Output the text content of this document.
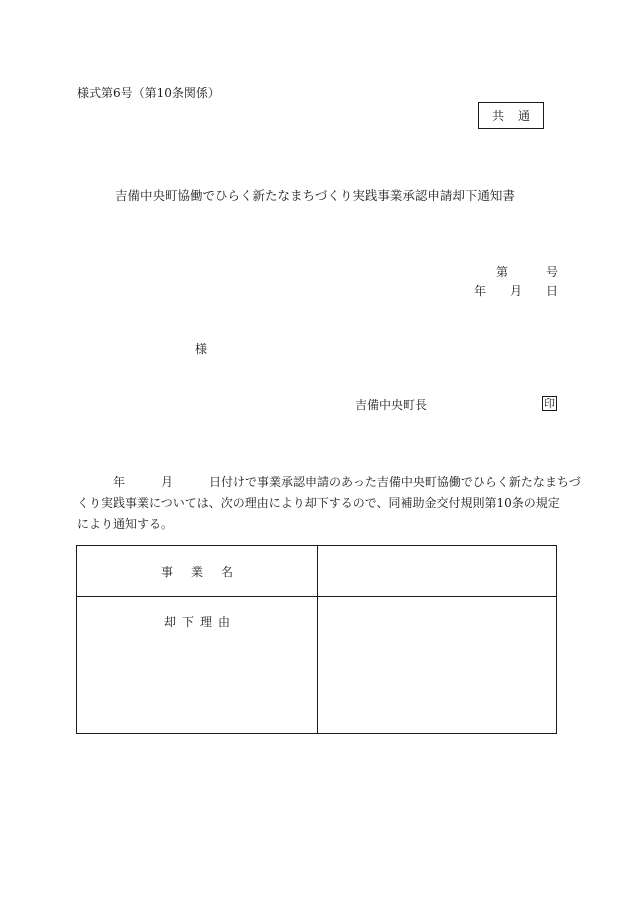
様式第6号（第10条関係）
共通
吉備中央町協働でひらく新たなまちづくり実践事業承認申請却下通知書
第	号
年 月 日
様
吉備中央町長	印
年	月	日付けで事業承認申請のあった吉備中央町協働でひらく新たなまちづ
くり実践事業については、次の理由により却下するので、同補助金交付規則第10条の規定
により通知する。
事業名	
却下理由	
